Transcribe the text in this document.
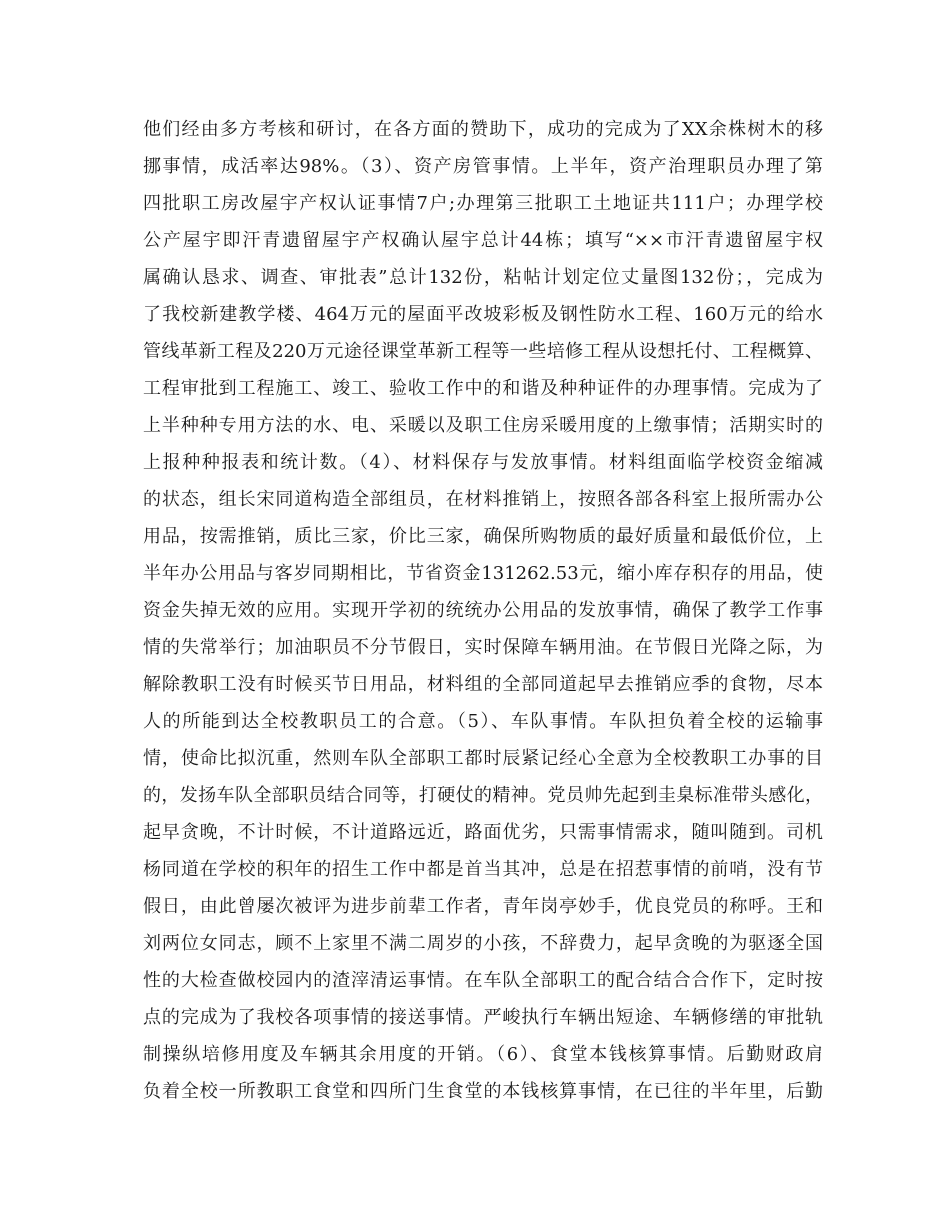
他们经由多方考核和研讨，在各方面的赞助下，成功的完成为了XX余株树木的移
挪事情，成活率达98%。（3）、资产房管事情。上半年，资产治理职员办理了第
四批职工房改屋宇产权认证事情7户;办理第三批职工土地证共111户；办理学校
公产屋宇即汗青遗留屋宇产权确认屋宇总计44栋；填写“××市汗青遗留屋宇权
属确认恳求、调查、审批表”总计132份，粘帖计划定位丈量图132份；，完成为
了我校新建教学楼、464万元的屋面平改坡彩板及钢性防水工程、160万元的给水
管线革新工程及220万元途径课堂革新工程等一些培修工程从设想托付、工程概算、
工程审批到工程施工、竣工、验收工作中的和谐及种种证件的办理事情。完成为了
上半种种专用方法的水、电、采暖以及职工住房采暖用度的上缴事情；活期实时的
上报种种报表和统计数。（4）、材料保存与发放事情。材料组面临学校资金缩减
的状态，组长宋同道构造全部组员，在材料推销上，按照各部各科室上报所需办公
用品，按需推销，质比三家，价比三家，确保所购物质的最好质量和最低价位，上
半年办公用品与客岁同期相比，节省资金131262.53元，缩小库存积存的用品，使
资金失掉无效的应用。实现开学初的统统办公用品的发放事情，确保了教学工作事
情的失常举行；加油职员不分节假日，实时保障车辆用油。在节假日光降之际，为
解除教职工没有时候买节日用品，材料组的全部同道起早去推销应季的食物，尽本
人的所能到达全校教职员工的合意。（5）、车队事情。车队担负着全校的运输事
情，使命比拟沉重，然则车队全部职工都时辰紧记经心全意为全校教职工办事的目
的，发扬车队全部职员结合同等，打硬仗的精神。党员帅先起到圭臬标准带头感化，
起早贪晚，不计时候，不计道路远近，路面优劣，只需事情需求，随叫随到。司机
杨同道在学校的积年的招生工作中都是首当其冲，总是在招惹事情的前哨，没有节
假日，由此曾屡次被评为进步前辈工作者，青年岗亭妙手，优良党员的称呼。王和
刘两位女同志，顾不上家里不满二周岁的小孩，不辞费力，起早贪晚的为驱逐全国
性的大检查做校园内的渣滓清运事情。在车队全部职工的配合结合合作下，定时按
点的完成为了我校各项事情的接送事情。严峻执行车辆出短途、车辆修缮的审批轨
制操纵培修用度及车辆其余用度的开销。（6）、食堂本钱核算事情。后勤财政肩
负着全校一所教职工食堂和四所门生食堂的本钱核算事情，在已往的半年里，后勤
